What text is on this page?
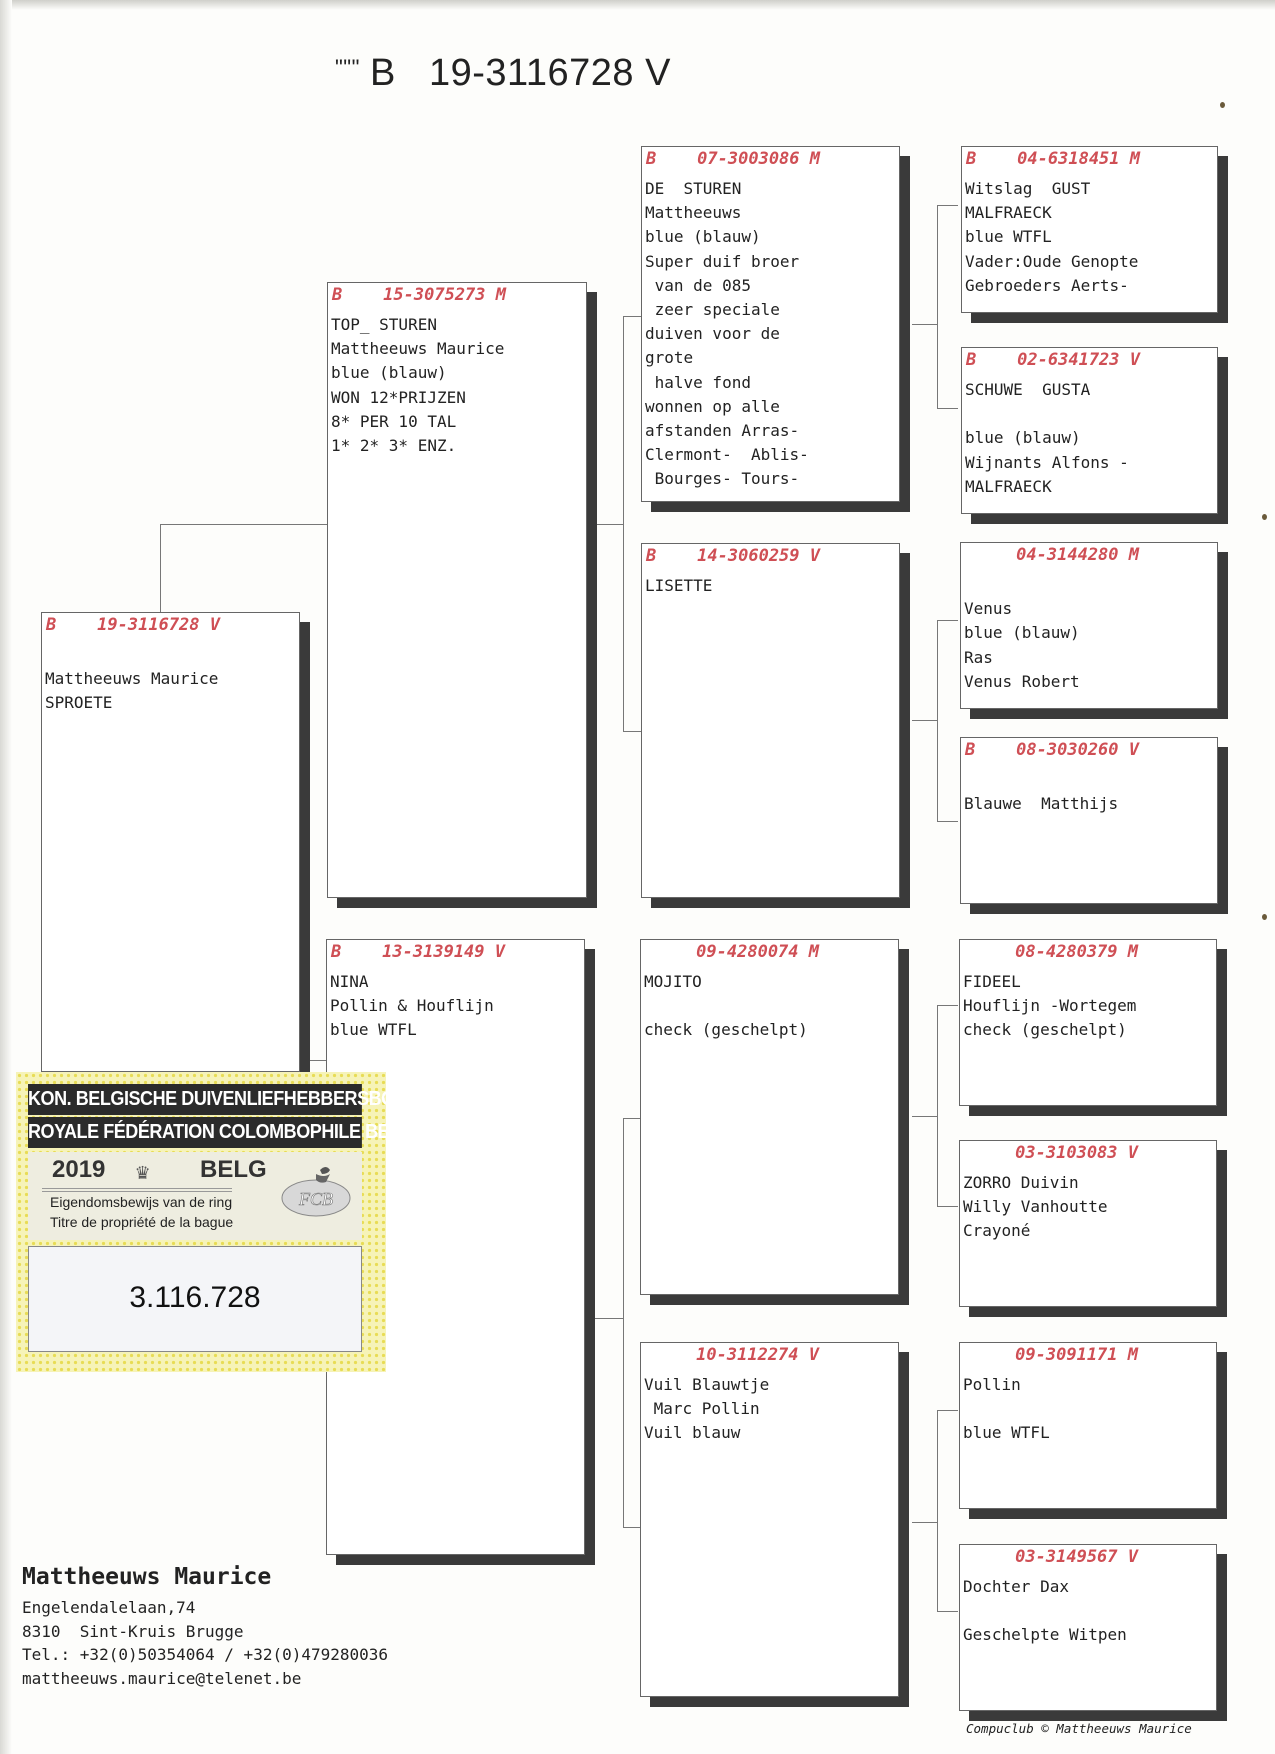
""" B 19-3116728 V
B    19-3116728 V
Mattheeuws Maurice
SPROETE
B    15-3075273 M
TOP_ STUREN
Mattheeuws Maurice
blue (blauw)
WON 12*PRIJZEN
8* PER 10 TAL
1* 2* 3* ENZ.
B    13-3139149 V
NINA
Pollin & Houflijn
blue WTFL
B    07-3003086 M
DE  STUREN
Mattheeuws
blue (blauw)
Super duif broer
van de 085
zeer speciale
duiven voor de
grote
halve fond
wonnen op alle
afstanden Arras-
Clermont-  Ablis-
Bourges- Tours-
B    14-3060259 V
LISETTE
09-4280074 M
MOJITO
check (geschelpt)
10-3112274 V
Vuil Blauwtje
Marc Pollin
Vuil blauw
B    04-6318451 M
Witslag  GUST
MALFRAECK
blue WTFL
Vader:Oude Genopte
Gebroeders Aerts-
B    02-6341723 V
SCHUWE  GUSTA
blue (blauw)
Wijnants Alfons -
MALFRAECK
04-3144280 M
Venus
blue (blauw)
Ras
Venus Robert
B    08-3030260 V
Blauwe  Matthijs
08-4280379 M
FIDEEL
Houflijn -Wortegem
check (geschelpt)
03-3103083 V
ZORRO Duivin
Willy Vanhoutte
Crayoné
09-3091171 M
Pollin
blue WTFL
03-3149567 V
Dochter Dax
Geschelpte Witpen
KON. BELGISCHE DUIVENLIEFHEBBERSBOND
ROYALE FÉDÉRATION COLOMBOPHILE BELGE
2019 ♛ BELG
Eigendomsbewijs van de ring
Titre de propriété de la bague
FCB
3.116.728
Mattheeuws Maurice
Engelendalelaan,74
8310  Sint-Kruis Brugge
Tel.: +32(0)50354064 / +32(0)479280036
mattheeuws.maurice@telenet.be
Compuclub © Mattheeuws Maurice
